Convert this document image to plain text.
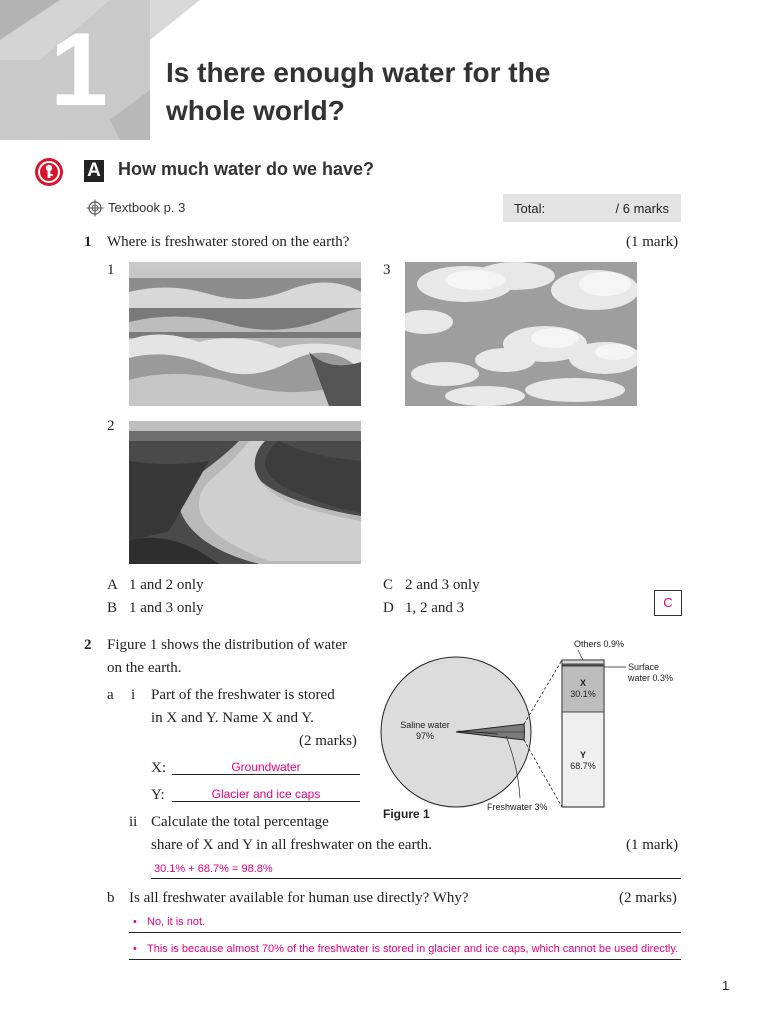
1 Is there enough water for the
whole world?
A How much water do we have?
Textbook p. 3	Total:	/ 6 marks
1 Where is freshwater stored on the earth?	(1 mark)
1
2
3
A 1 and 2 only
B 1 and 3 only
C 2 and 3 only
D 1, 2 and 3	C
2 Figure 1 shows the distribution of water
on the earth.
a i Part of the freshwater is stored
in X and Y. Name X and Y.
(2 marks)
X:	Groundwater
Y:	Glacier and ice caps
ii Calculate the total percentage
share of X and Y in all freshwater on the earth.	(1 mark)
30.1% + 68.7% = 98.8%
b Is all freshwater available for human use directly? Why?	(2 marks)
• No, it is not.
• This is because almost 70% of the freshwater is stored in glacier and ice caps, which cannot be used directly.
Others 0.9%
Surface
water 0.3%
X
30.1%
Y
68.7%
Saline water
97%
Freshwater 3%
Figure 1
1
